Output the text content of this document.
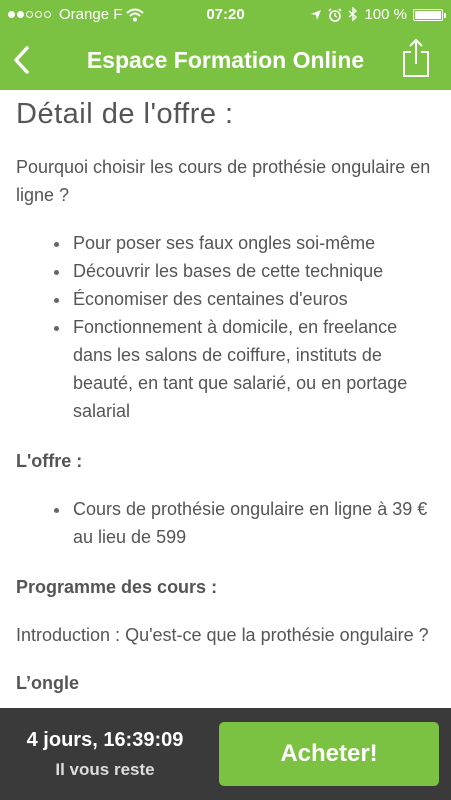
Orange F	07:20	100 %
Espace Formation Online
Détail de l'offre :

Pourquoi choisir les cours de prothésie ongulaire en ligne ?

• Pour poser ses faux ongles soi-même
• Découvrir les bases de cette technique
• Économiser des centaines d'euros
• Fonctionnement à domicile, en freelance dans les salons de coiffure, instituts de beauté, en tant que salarié, ou en portage salarial

L'offre :

• Cours de prothésie ongulaire en ligne à 39 € au lieu de 599

Programme des cours :

Introduction : Qu'est-ce que la prothésie ongulaire ?

L’ongle

4 jours, 16:39:09
Il vous reste
Acheter!
